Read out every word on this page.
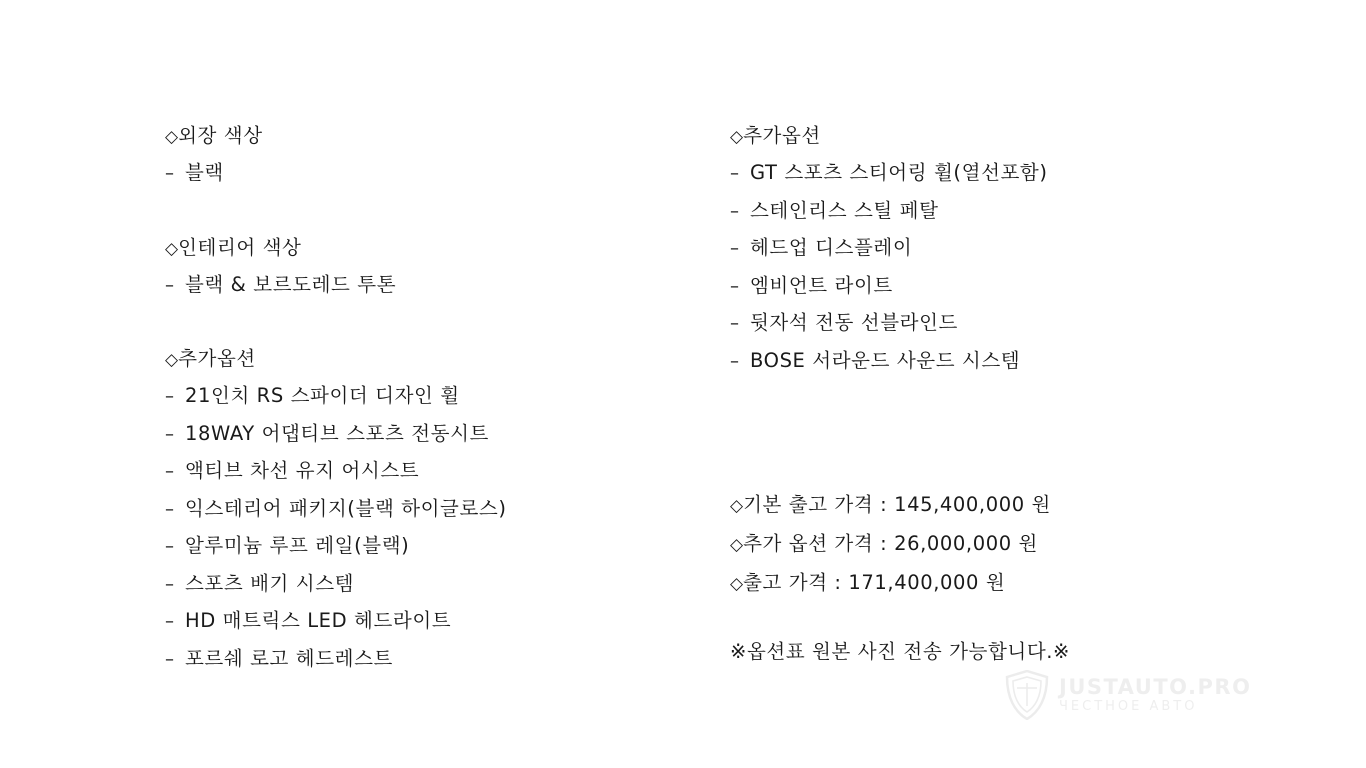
◇외장 색상
– 블랙
◇인테리어 색상
– 블랙 & 보르도레드 투톤
◇추가옵션
– 21인치 RS 스파이더 디자인 휠
– 18WAY 어댑티브 스포츠 전동시트
– 액티브 차선 유지 어시스트
– 익스테리어 패키지(블랙 하이글로스)
– 알루미늄 루프 레일(블랙)
– 스포츠 배기 시스템
– HD 매트릭스 LED 헤드라이트
– 포르쉐 로고 헤드레스트
◇추가옵션
– GT 스포츠 스티어링 휠(열선포함)
– 스테인리스 스틸 페탈
– 헤드업 디스플레이
– 엠비언트 라이트
– 뒷자석 전동 선블라인드
– BOSE 서라운드 사운드 시스템
◇기본 출고 가격 : 145,400,000 원
◇추가 옵션 가격 : 26,000,000 원
◇출고 가격 : 171,400,000 원
※옵션표 원본 사진 전송 가능합니다.※
JUSTAUTO.PRO
ЧЕСТНОЕ АВТО
